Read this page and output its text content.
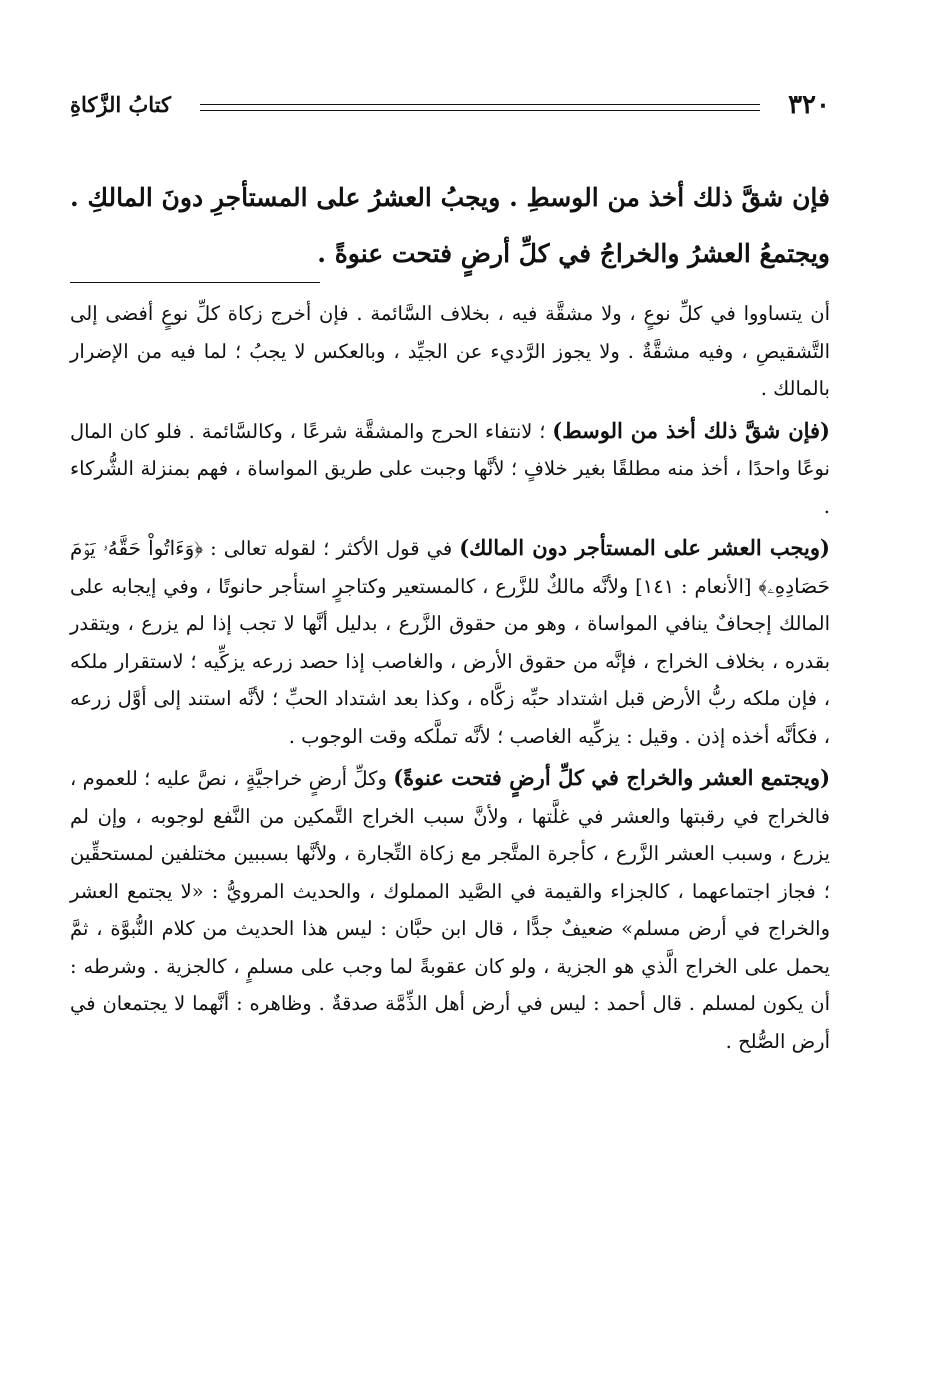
٣٢٠
كتابُ الزَّكاةِ
فإن شقَّ ذلك أخذ من الوسطِ . ويجبُ العشرُ على المستأجرِ دونَ المالكِ . ويجتمعُ العشرُ والخراجُ في كلِّ أرضٍ فتحت عنوةً .

أن يتساووا في كلِّ نوعٍ ، ولا مشقَّة فيه ، بخلاف السَّائمة . فإن أخرج زكاة كلِّ نوعٍ أفضى إلى التَّشقيصِ ، وفيه مشقَّةٌ . ولا يجوز الرَّديء عن الجيِّد ، وبالعكس لا يجبُ ؛ لما فيه من الإضرار بالمالك .

(فإن شقَّ ذلك أخذ من الوسط) ؛ لانتفاء الحرج والمشقَّة شرعًا ، وكالسَّائمة . فلو كان المال نوعًا واحدًا ، أخذ منه مطلقًا بغير خلافٍ ؛ لأنَّها وجبت على طريق المواساة ، فهم بمنزلة الشُّركاء .

(ويجب العشر على المستأجر دون المالك) في قول الأكثر ؛ لقوله تعالى : ﴿وَءَاتُواْ حَقَّهُۥ يَوۡمَ حَصَادِهِۦ﴾ [الأنعام : ١٤١] ولأنَّه مالكٌ للزَّرع ، كالمستعير وكتاجرٍ استأجر حانوتًا ، وفي إيجابه على المالك إجحافٌ ينافي المواساة ، وهو من حقوق الزَّرع ، بدليل أنَّها لا تجب إذا لم يزرع ، ويتقدر بقدره ، بخلاف الخراج ، فإنَّه من حقوق الأرض ، والغاصب إذا حصد زرعه يزكِّيه ؛ لاستقرار ملكه ، فإن ملكه ربُّ الأرض قبل اشتداد حبِّه زكَّاه ، وكذا بعد اشتداد الحبِّ ؛ لأنَّه استند إلى أوَّل زرعه ، فكأنَّه أخذه إذن . وقيل : يزكِّيه الغاصب ؛ لأنَّه تملَّكه وقت الوجوب .

(ويجتمع العشر والخراج في كلِّ أرضٍ فتحت عنوةً) وكلِّ أرضٍ خراجيَّةٍ ، نصَّ عليه ؛ للعموم ، فالخراج في رقبتها والعشر في غلَّتها ، ولأنَّ سبب الخراج التَّمكين من النَّفع لوجوبه ، وإن لم يزرع ، وسبب العشر الزَّرع ، كأجرة المتَّجر مع زكاة التِّجارة ، ولأنَّها بسببين مختلفين لمستحقِّين ؛ فجاز اجتماعهما ، كالجزاء والقيمة في الصَّيد المملوك ، والحديث المرويُّ : «لا يجتمع العشر والخراج في أرض مسلم» ضعيفٌ جدًّا ، قال ابن حبَّان : ليس هذا الحديث من كلام النُّبوَّة ، ثمَّ يحمل على الخراج الَّذي هو الجزية ، ولو كان عقوبةً لما وجب على مسلمٍ ، كالجزية . وشرطه : أن يكون لمسلم . قال أحمد : ليس في أرض أهل الذِّمَّة صدقةٌ . وظاهره : أنَّهما لا يجتمعان في أرض الصُّلح .
